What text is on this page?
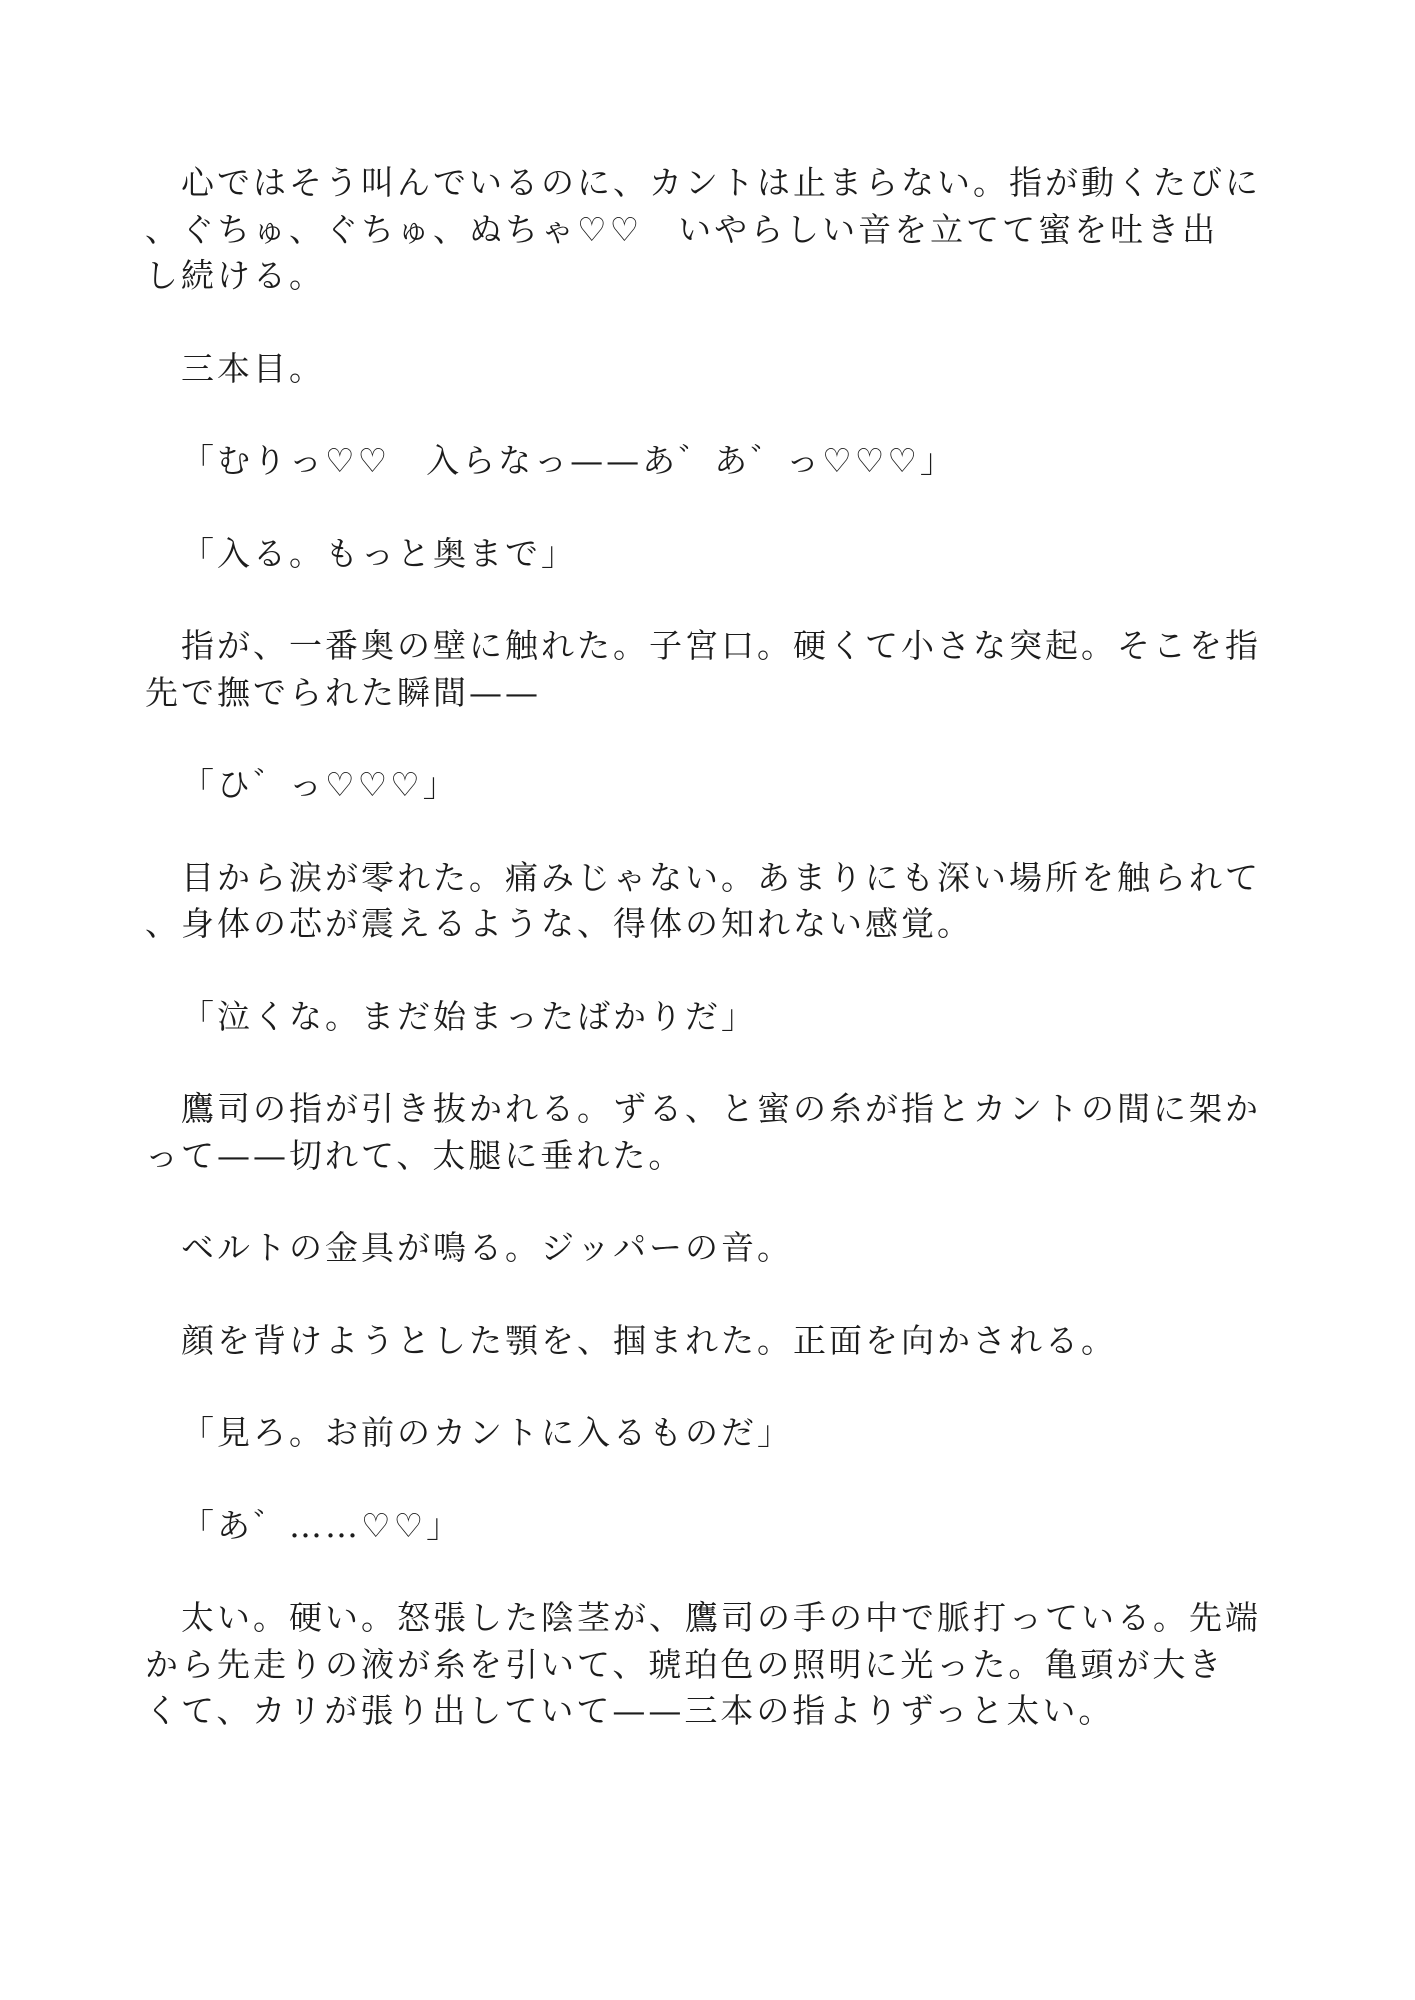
心ではそう叫んでいるのに、カントは止まらない。指が動くたびに
、ぐちゅ、ぐちゅ、ぬちゃ♡♡　いやらしい音を立てて蜜を吐き出
し続ける。
三本目。
「むりっ♡♡　入らなっ——あ゛あ゛っ♡♡♡」
「入る。もっと奥まで」
指が、一番奥の壁に触れた。子宮口。硬くて小さな突起。そこを指
先で撫でられた瞬間——
「ひ゛っ♡♡♡」
目から涙が零れた。痛みじゃない。あまりにも深い場所を触られて
、身体の芯が震えるような、得体の知れない感覚。
「泣くな。まだ始まったばかりだ」
鷹司の指が引き抜かれる。ずる、と蜜の糸が指とカントの間に架か
って——切れて、太腿に垂れた。
ベルトの金具が鳴る。ジッパーの音。
顔を背けようとした顎を、掴まれた。正面を向かされる。
「見ろ。お前のカントに入るものだ」
「あ゛……♡♡」
太い。硬い。怒張した陰茎が、鷹司の手の中で脈打っている。先端
から先走りの液が糸を引いて、琥珀色の照明に光った。亀頭が大き
くて、カリが張り出していて——三本の指よりずっと太い。
